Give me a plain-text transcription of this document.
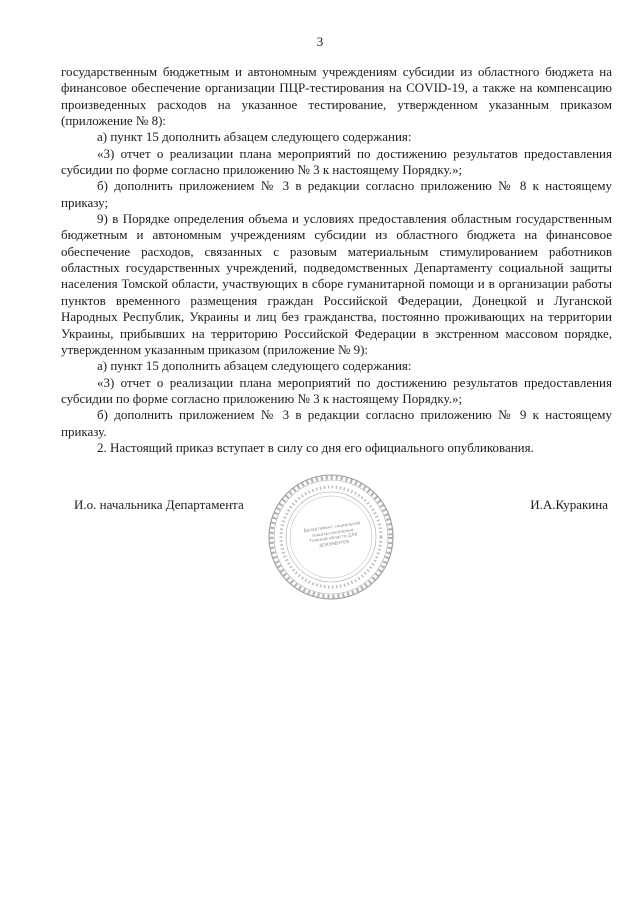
3

государственным бюджетным и автономным учреждениям субсидии из областного бюджета на финансовое обеспечение организации ПЦР-тестирования на COVID-19, а также на компенсацию произведенных расходов на указанное тестирование, утвержденном указанным приказом (приложение № 8):

а) пункт 15 дополнить абзацем следующего содержания:

«3) отчет о реализации плана мероприятий по достижению результатов предоставления субсидии по форме согласно приложению № 3 к настоящему Порядку.»;

б) дополнить приложением № 3 в редакции согласно приложению № 8 к настоящему приказу;

9) в Порядке определения объема и условиях предоставления областным государственным бюджетным и автономным учреждениям субсидии из областного бюджета на финансовое обеспечение расходов, связанных с разовым материальным стимулированием работников областных государственных учреждений, подведомственных Департаменту социальной защиты населения Томской области, участвующих в сборе гуманитарной помощи и в организации работы пунктов временного размещения граждан Российской Федерации, Донецкой и Луганской Народных Республик, Украины и лиц без гражданства, постоянно проживающих на территории Украины, прибывших на территорию Российской Федерации в экстренном массовом порядке, утвержденном указанным приказом (приложение № 9):

а) пункт 15 дополнить абзацем следующего содержания:

«3) отчет о реализации плана мероприятий по достижению результатов предоставления субсидии по форме согласно приложению № 3 к настоящему Порядку.»;

б) дополнить приложением № 3 в редакции согласно приложению № 9 к настоящему приказу.

2. Настоящий приказ вступает в силу со дня его официального опубликования.

И.о. начальника Департамента	И.А.Куракина
Департамент социальной защиты населения Томской области ДЛЯ ДОКУМЕНТОВ
